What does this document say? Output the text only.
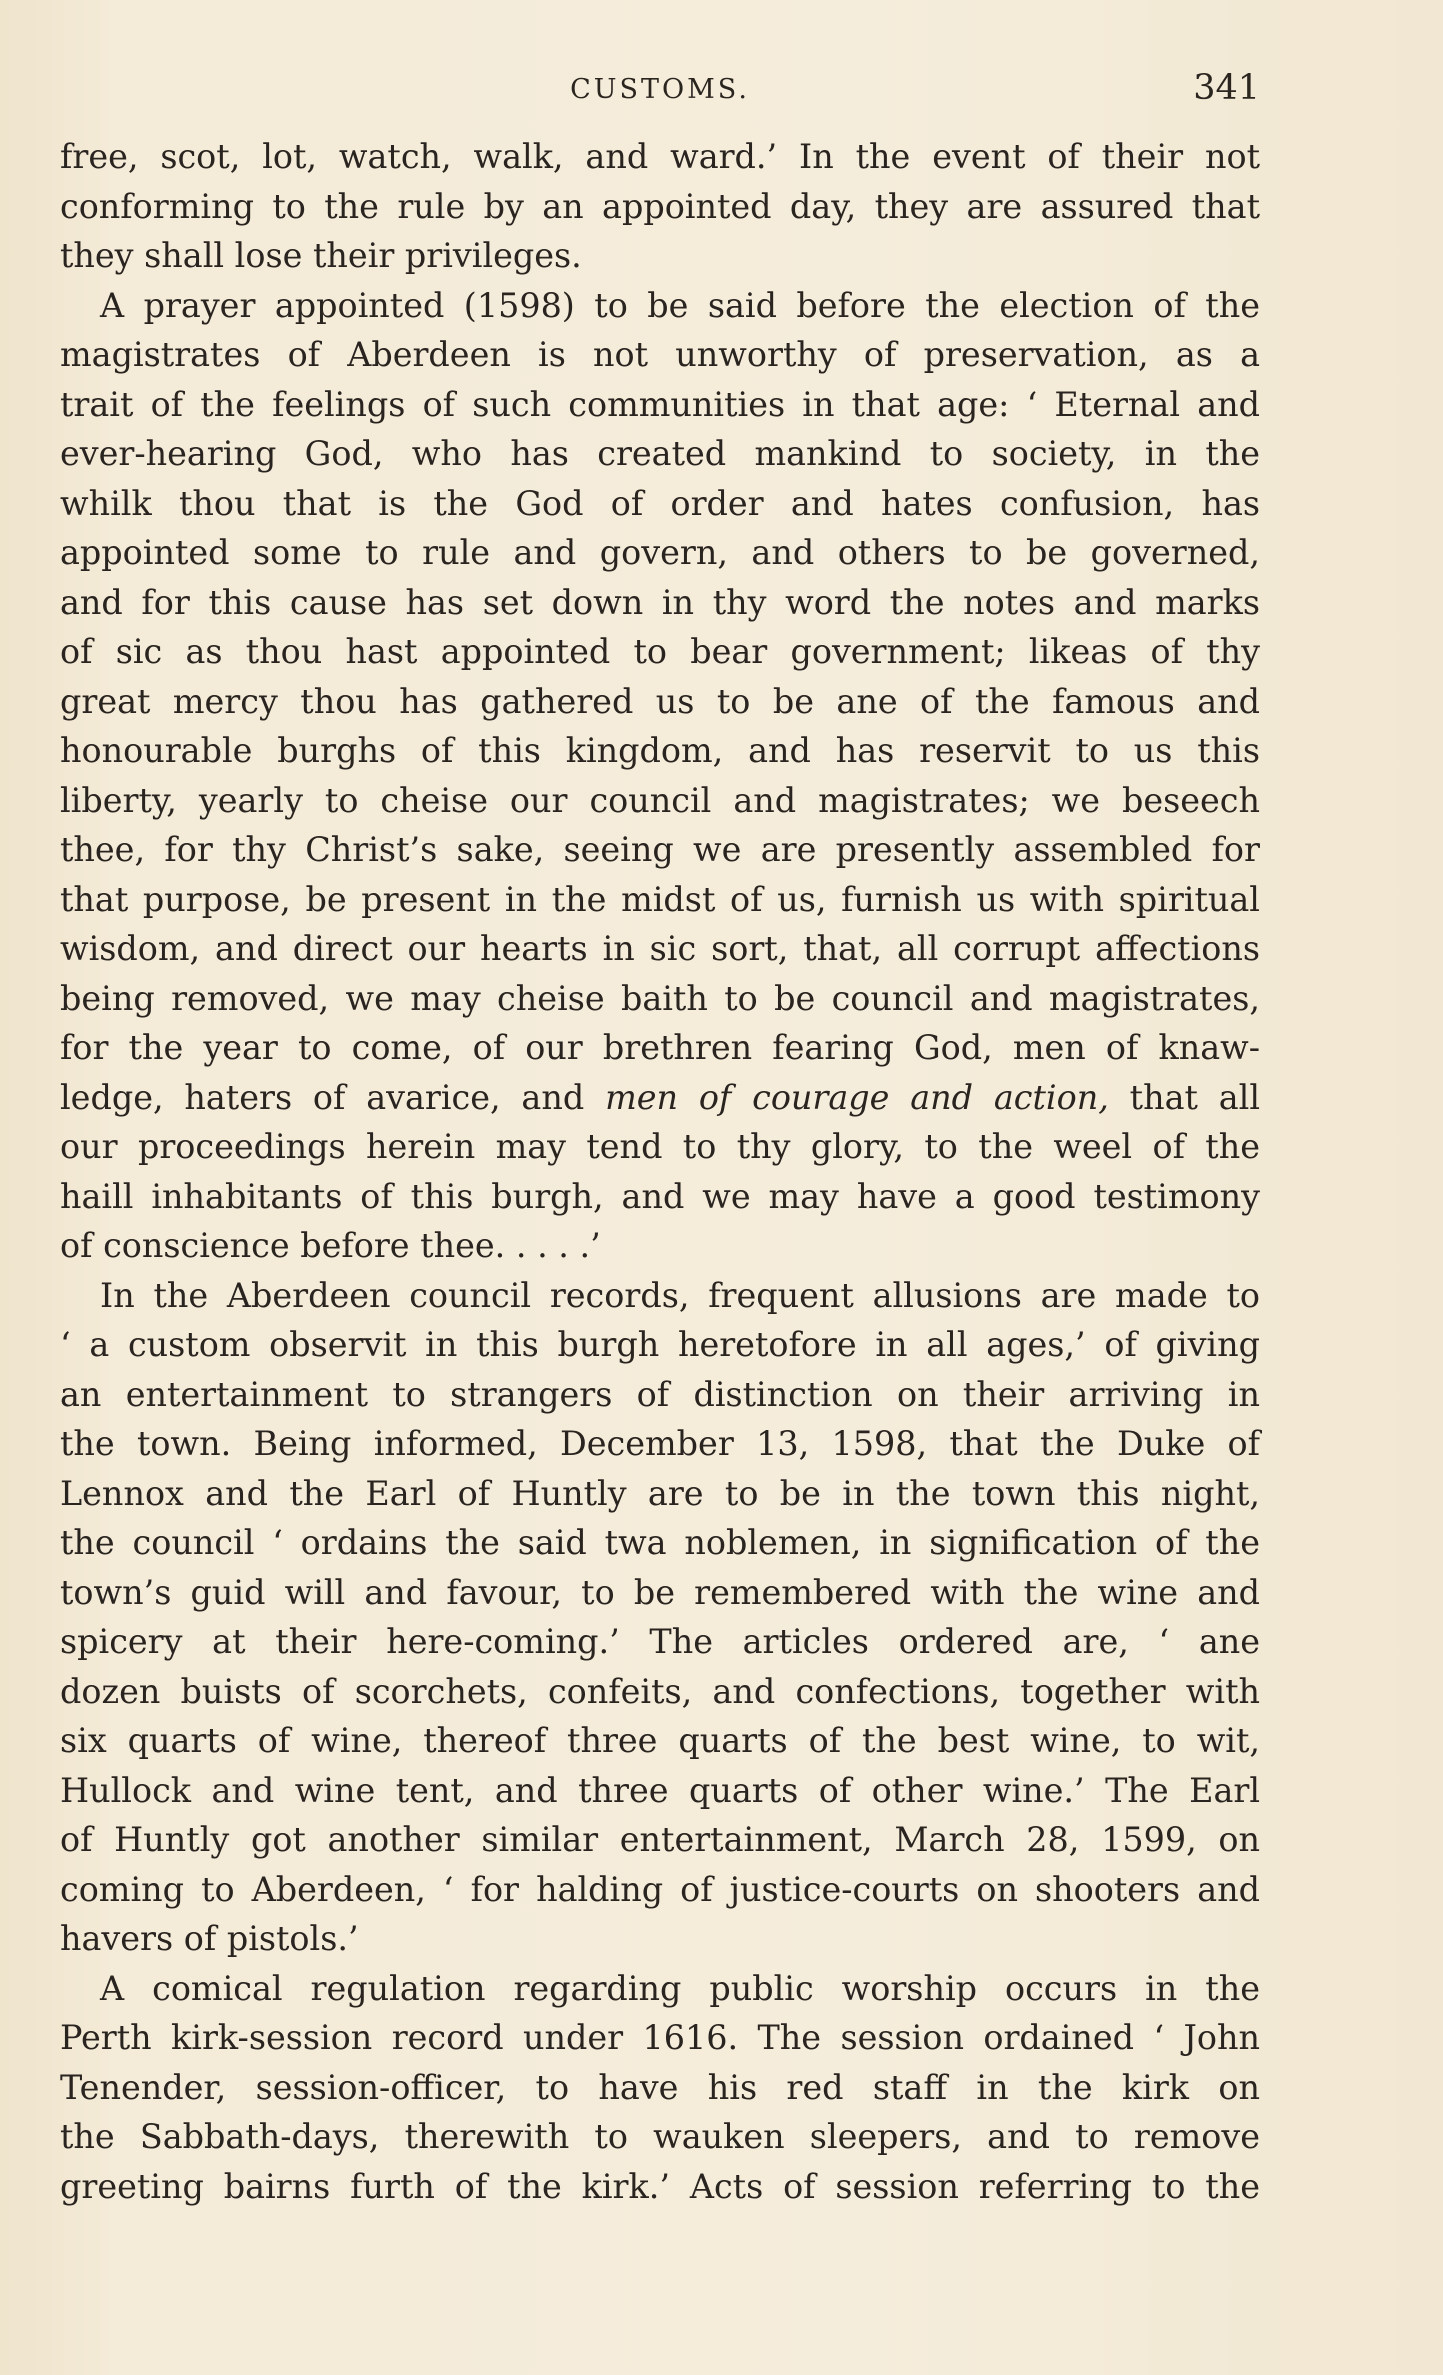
CUSTOMS.	341
free, scot, lot, watch, walk, and ward.’ In the event of their not
conforming to the rule by an appointed day, they are assured that
they shall lose their privileges.
A prayer appointed (1598) to be said before the election of the
magistrates of Aberdeen is not unworthy of preservation, as a
trait of the feelings of such communities in that age: ‘ Eternal and
ever-hearing God, who has created mankind to society, in the
whilk thou that is the God of order and hates confusion, has
appointed some to rule and govern, and others to be governed,
and for this cause has set down in thy word the notes and marks
of sic as thou hast appointed to bear government; likeas of thy
great mercy thou has gathered us to be ane of the famous and
honourable burghs of this kingdom, and has reservit to us this
liberty, yearly to cheise our council and magistrates; we beseech
thee, for thy Christ’s sake, seeing we are presently assembled for
that purpose, be present in the midst of us, furnish us with spiritual
wisdom, and direct our hearts in sic sort, that, all corrupt affections
being removed, we may cheise baith to be council and magistrates,
for the year to come, of our brethren fearing God, men of knaw-
ledge, haters of avarice, and men of courage and action, that all
our proceedings herein may tend to thy glory, to the weel of the
haill inhabitants of this burgh, and we may have a good testimony
of conscience before thee. . . . .’
In the Aberdeen council records, frequent allusions are made to
‘ a custom observit in this burgh heretofore in all ages,’ of giving
an entertainment to strangers of distinction on their arriving in
the town. Being informed, December 13, 1598, that the Duke of
Lennox and the Earl of Huntly are to be in the town this night,
the council ‘ ordains the said twa noblemen, in signification of the
town’s guid will and favour, to be remembered with the wine and
spicery at their here-coming.’ The articles ordered are, ‘ ane
dozen buists of scorchets, confeits, and confections, together with
six quarts of wine, thereof three quarts of the best wine, to wit,
Hullock and wine tent, and three quarts of other wine.’ The Earl
of Huntly got another similar entertainment, March 28, 1599, on
coming to Aberdeen, ‘ for halding of justice-courts on shooters and
havers of pistols.’
A comical regulation regarding public worship occurs in the
Perth kirk-session record under 1616. The session ordained ‘ John
Tenender, session-officer, to have his red staff in the kirk on
the Sabbath-days, therewith to wauken sleepers, and to remove
greeting bairns furth of the kirk.’ Acts of session referring to the
